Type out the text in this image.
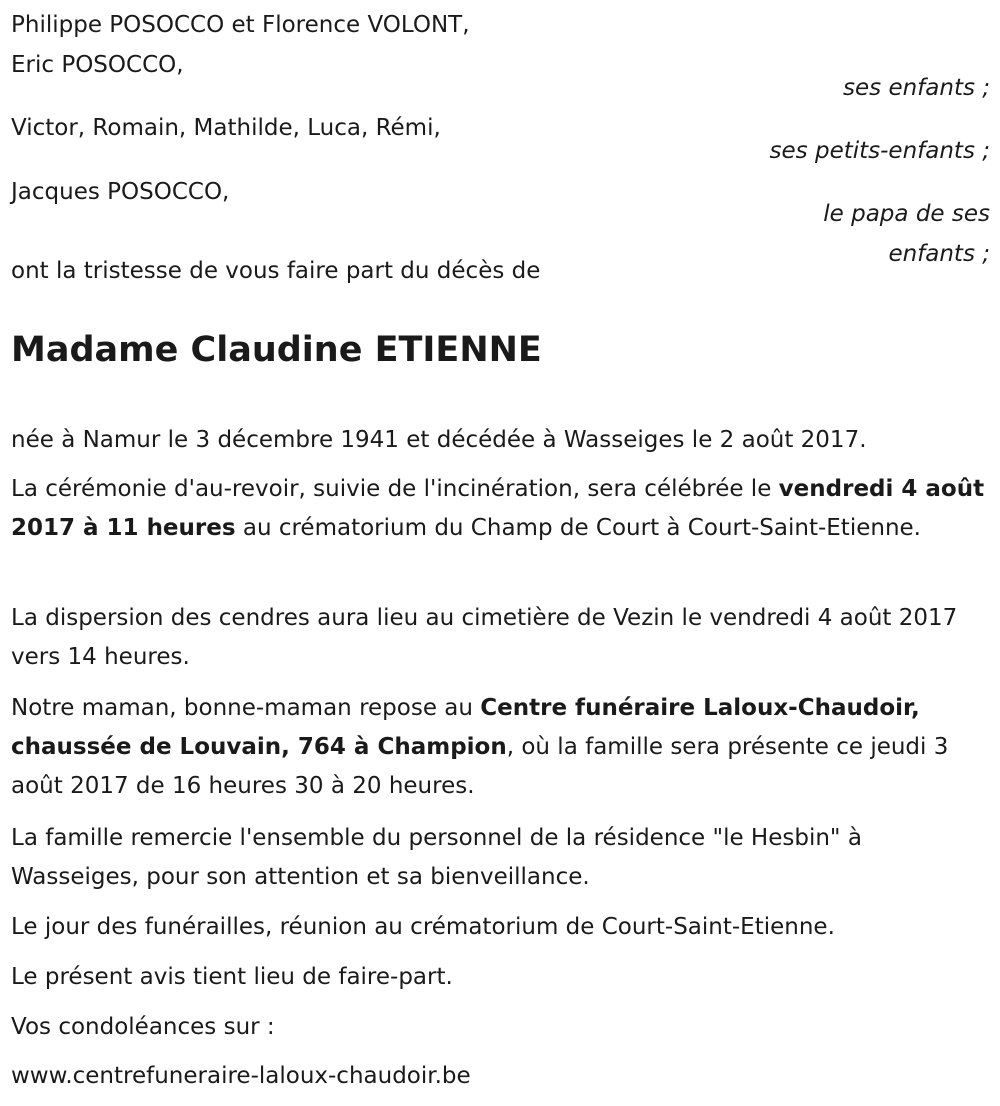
Philippe POSOCCO et Florence VOLONT,
Eric POSOCCO,
ses enfants ;
Victor, Romain, Mathilde, Luca, Rémi,
ses petits-enfants ;
Jacques POSOCCO,
le papa de ses
enfants ;
ont la tristesse de vous faire part du décès de
Madame Claudine ETIENNE

née à Namur le 3 décembre 1941 et décédée à Wasseiges le 2 août 2017.

La cérémonie d'au-revoir, suivie de l'incinération, sera célébrée le vendredi 4 août 2017 à 11 heures au crématorium du Champ de Court à Court-Saint-Etienne.

La dispersion des cendres aura lieu au cimetière de Vezin le vendredi 4 août 2017 vers 14 heures.

Notre maman, bonne-maman repose au Centre funéraire Laloux-Chaudoir, chaussée de Louvain, 764 à Champion, où la famille sera présente ce jeudi 3 août 2017 de 16 heures 30 à 20 heures.

La famille remercie l'ensemble du personnel de la résidence "le Hesbin" à Wasseiges, pour son attention et sa bienveillance.

Le jour des funérailles, réunion au crématorium de Court-Saint-Etienne.

Le présent avis tient lieu de faire-part.

Vos condoléances sur :

www.centrefuneraire-laloux-chaudoir.be
